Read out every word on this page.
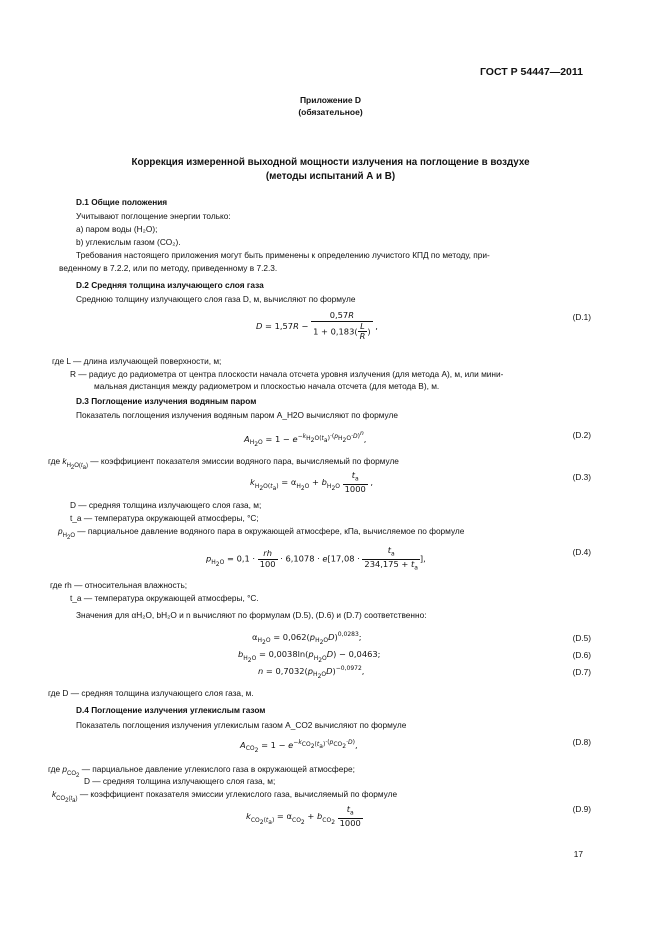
ГОСТ Р 54447—2011
Приложение D
(обязательное)
Коррекция измеренной выходной мощности излучения на поглощение в воздухе
(методы испытаний А и В)
D.1 Общие положения
Учитывают поглощение энергии только:
a) паром воды (H₂O);
b) углекислым газом (CO₂).
Требования настоящего приложения могут быть применены к определению лучистого КПД по методу, при-
веденному в 7.2.2, или по методу, приведенному в 7.2.3.
D.2 Средняя толщина излучающего слоя газа
Среднюю толщину излучающего слоя газа D, м, вычисляют по формуле
$D = 1,57R - \frac{0,57R}{1 + 0,183( \frac{L}{R} )}$ ,
(D.1)
где L — длина излучающей поверхности, м;
R — радиус до радиометра от центра плоскости начала отсчета уровня излучения (для метода А), м, или мини-
мальная дистанция между радиометром и плоскостью начала отсчета (для метода В), м.
D.3 Поглощение излучения водяным паром
Показатель поглощения излучения водяным паром A_H2O вычисляют по формуле
$A_{H_2O} = 1 - e^{-k_{H_2O(t_a)}\cdot(p_{H_2O}\cdot D)^n}$,	(D.2)
где $k_{H_2O(t_a)}$ — коэффициент показателя эмиссии водяного пара, вычисляемый по формуле
$k_{H_2O(t_a)} = \alpha_{H_2O} + b_{H_2O} \frac{t_a}{1000}$ ,
(D.3)
D — средняя толщина излучающего слоя газа, м;
t_a — температура окружающей атмосферы, °С;
$p_{H_2O}$ — парциальное давление водяного пара в окружающей атмосфере, кПа, вычисляемое по формуле
$p_{H_2O} = 0,1 \cdot \frac{rh}{100} \cdot 6,1078 \cdot e[17,08 \cdot \frac{t_a}{234,175 + t_a}$ ],
(D.4)
где rh — относительная влажность;
t_a — температура окружающей атмосферы, °С.
Значения для αH₂O, bH₂O и n вычисляют по формулам (D.5), (D.6) и (D.7) соответственно:
$\alpha_{H_2O} = 0,062(p_{H_2O}D)^{0,0283}$;	(D.5)
$b_{H_2O} = 0,0038\ln(p_{H_2O}D) - 0,0463$;	(D.6)
$n = 0,7032(p_{H_2O}D)^{-0,0972}$,	(D.7)
где D — средняя толщина излучающего слоя газа, м.
D.4 Поглощение излучения углекислым газом
Показатель поглощения излучения углекислым газом A_CO2 вычисляют по формуле
$A_{CO_2} = 1 - e^{-k_{CO_2(t_a)}\cdot(p_{CO_2}\cdot D)}$,	(D.8)
где $p_{CO_2}$ — парциальное давление углекислого газа в окружающей атмосфере;
D — средняя толщина излучающего слоя газа, м;
$k_{CO_2(t_a)}$ — коэффициент показателя эмиссии углекислого газа, вычисляемый по формуле
$k_{CO_2(t_a)} = \alpha_{CO_2} + b_{CO_2} \frac{t_a}{1000}$	(D.9)
17
